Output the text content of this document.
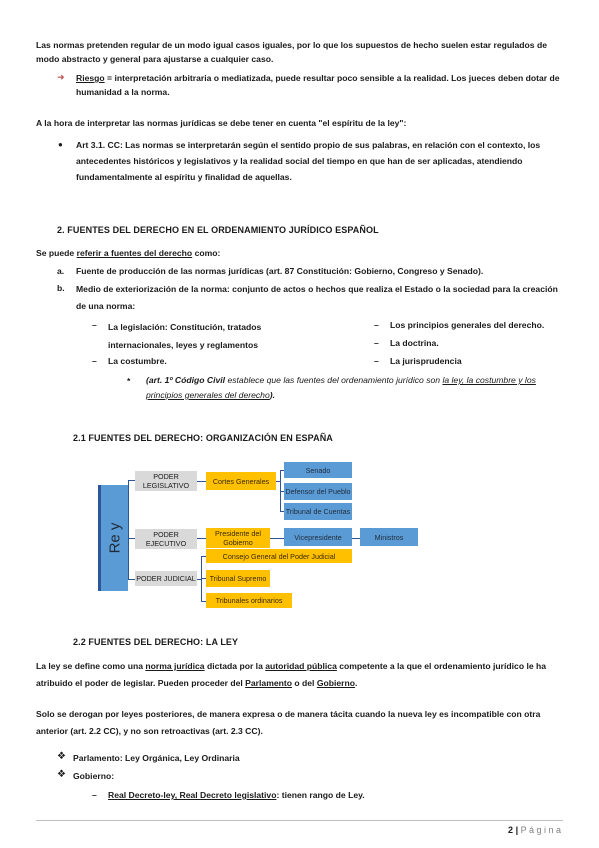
Las normas pretenden regular de un modo igual casos iguales, por lo que los supuestos de hecho suelen estar regulados de modo abstracto y general para ajustarse a cualquier caso.
➜ Riesgo = interpretación arbitraria o mediatizada, puede resultar poco sensible a la realidad. Los jueces deben dotar de humanidad a la norma.
A la hora de interpretar las normas jurídicas se debe tener en cuenta "el espíritu de la ley":
● Art 3.1. CC: Las normas se interpretarán según el sentido propio de sus palabras, en relación con el contexto, los antecedentes históricos y legislativos y la realidad social del tiempo en que han de ser aplicadas, atendiendo fundamentalmente al espíritu y finalidad de aquellas.
2. FUENTES DEL DERECHO EN EL ORDENAMIENTO JURÍDICO ESPAÑOL
Se puede referir a fuentes del derecho como:
a. Fuente de producción de las normas jurídicas (art. 87 Constitución: Gobierno, Congreso y Senado).
b. Medio de exteriorización de la norma: conjunto de actos o hechos que realiza el Estado o la sociedad para la creación de una norma:
– La legislación: Constitución, tratados
internacionales, leyes y reglamentos
– La costumbre.
– Los principios generales del derecho.
– La doctrina.
– La jurisprudencia
* (art. 1º Código Civil establece que las fuentes del ordenamiento jurídico son la ley, la costumbre y los principios generales del derecho).
2.1 FUENTES DEL DERECHO: ORGANIZACIÓN EN ESPAÑA
Re y
PODER LEGISLATIVO
PODER EJECUTIVO
PODER JUDICIAL
Cortes Generales
Presidente del Gobierno
Consejo General del Poder Judicial
Tribunal Supremo
Tribunales ordinarios
Senado
Defensor del Pueblo
Tribunal de Cuentas
Vicepresidente	Ministros
2.2 FUENTES DEL DERECHO: LA LEY
La ley se define como una norma jurídica dictada por la autoridad pública competente a la que el ordenamiento jurídico le ha atribuido el poder de legislar. Pueden proceder del Parlamento o del Gobierno.
Solo se derogan por leyes posteriores, de manera expresa o de manera tácita cuando la nueva ley es incompatible con otra anterior (art. 2.2 CC), y no son retroactivas (art. 2.3 CC).
❖ Parlamento: Ley Orgánica, Ley Ordinaria
❖ Gobierno:
– Real Decreto-ley, Real Decreto legislativo: tienen rango de Ley.
2 | P á g i n a
